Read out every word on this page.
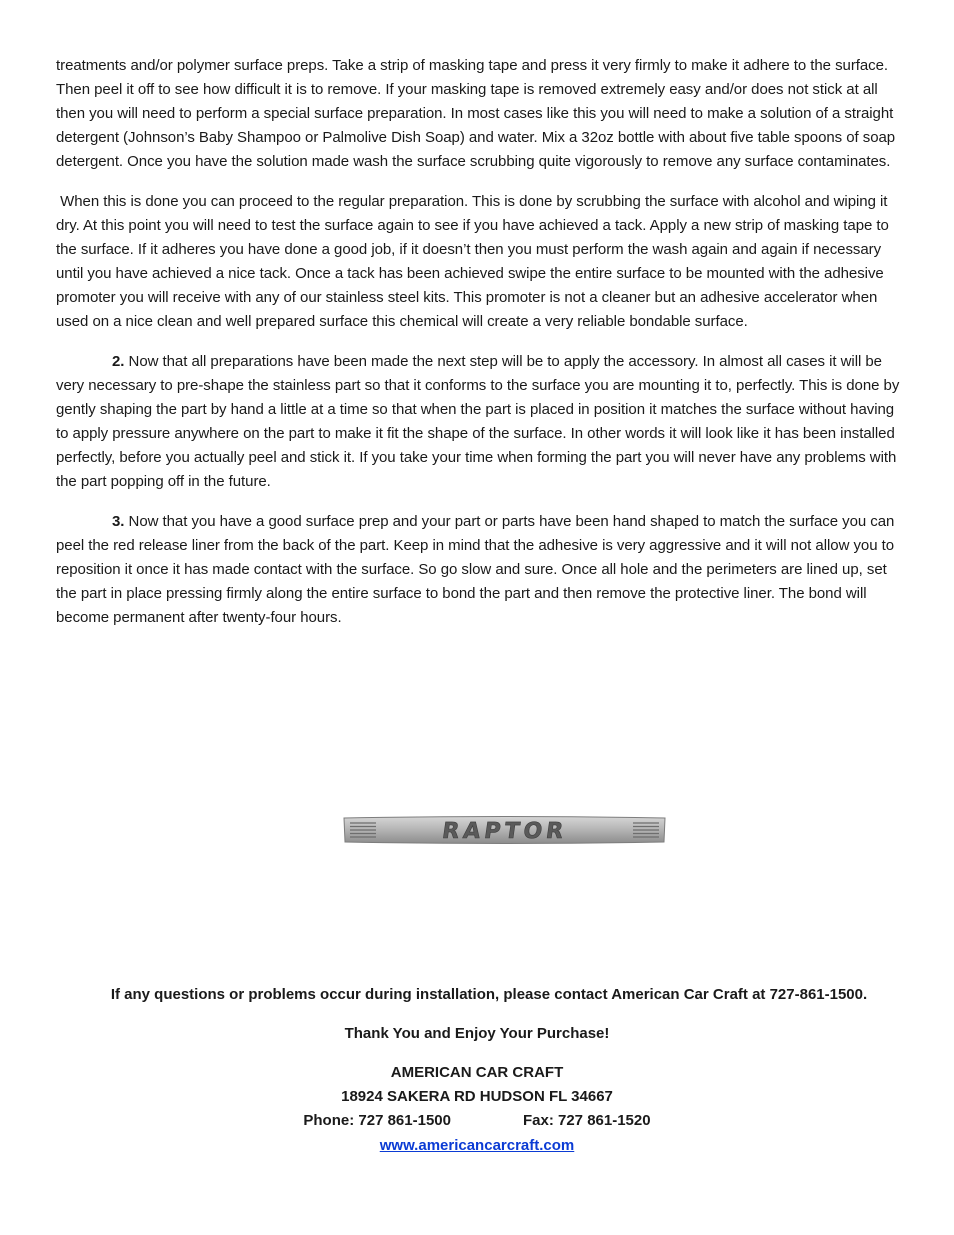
treatments and/or polymer surface preps. Take a strip of masking tape and press it very firmly to make it adhere to the surface. Then peel it off to see how difficult it is to remove. If your masking tape is removed extremely easy and/or does not stick at all then you will need to perform a special surface preparation. In most cases like this you will need to make a solution of a straight detergent (Johnson’s Baby Shampoo or Palmolive Dish Soap) and water. Mix a 32oz bottle with about five table spoons of soap detergent. Once you have the solution made wash the surface scrubbing quite vigorously to remove any surface contaminates.

When this is done you can proceed to the regular preparation. This is done by scrubbing the surface with alcohol and wiping it dry. At this point you will need to test the surface again to see if you have achieved a tack. Apply a new strip of masking tape to the surface. If it adheres you have done a good job, if it doesn’t then you must perform the wash again and again if necessary until you have achieved a nice tack. Once a tack has been achieved swipe the entire surface to be mounted with the adhesive promoter you will receive with any of our stainless steel kits. This promoter is not a cleaner but an adhesive accelerator when used on a nice clean and well prepared surface this chemical will create a very reliable bondable surface.

2. Now that all preparations have been made the next step will be to apply the accessory. In almost all cases it will be very necessary to pre-shape the stainless part so that it conforms to the surface you are mounting it to, perfectly. This is done by gently shaping the part by hand a little at a time so that when the part is placed in position it matches the surface without having to apply pressure anywhere on the part to make it fit the shape of the surface. In other words it will look like it has been installed perfectly, before you actually peel and stick it. If you take your time when forming the part you will never have any problems with the part popping off in the future.

3. Now that you have a good surface prep and your part or parts have been hand shaped to match the surface you can peel the red release liner from the back of the part. Keep in mind that the adhesive is very aggressive and it will not allow you to reposition it once it has made contact with the surface. So go slow and sure. Once all hole and the perimeters are lined up, set the part in place pressing firmly along the entire surface to bond the part and then remove the protective liner. The bond will become permanent after twenty-four hours.

RAPTOR
If any questions or problems occur during installation, please contact American Car Craft at 727-861-1500.
Thank You and Enjoy Your Purchase!
AMERICAN CAR CRAFT
18924 SAKERA RD HUDSON FL 34667
Phone: 727 861-1500	Fax: 727 861-1520
www.americancarcraft.com
